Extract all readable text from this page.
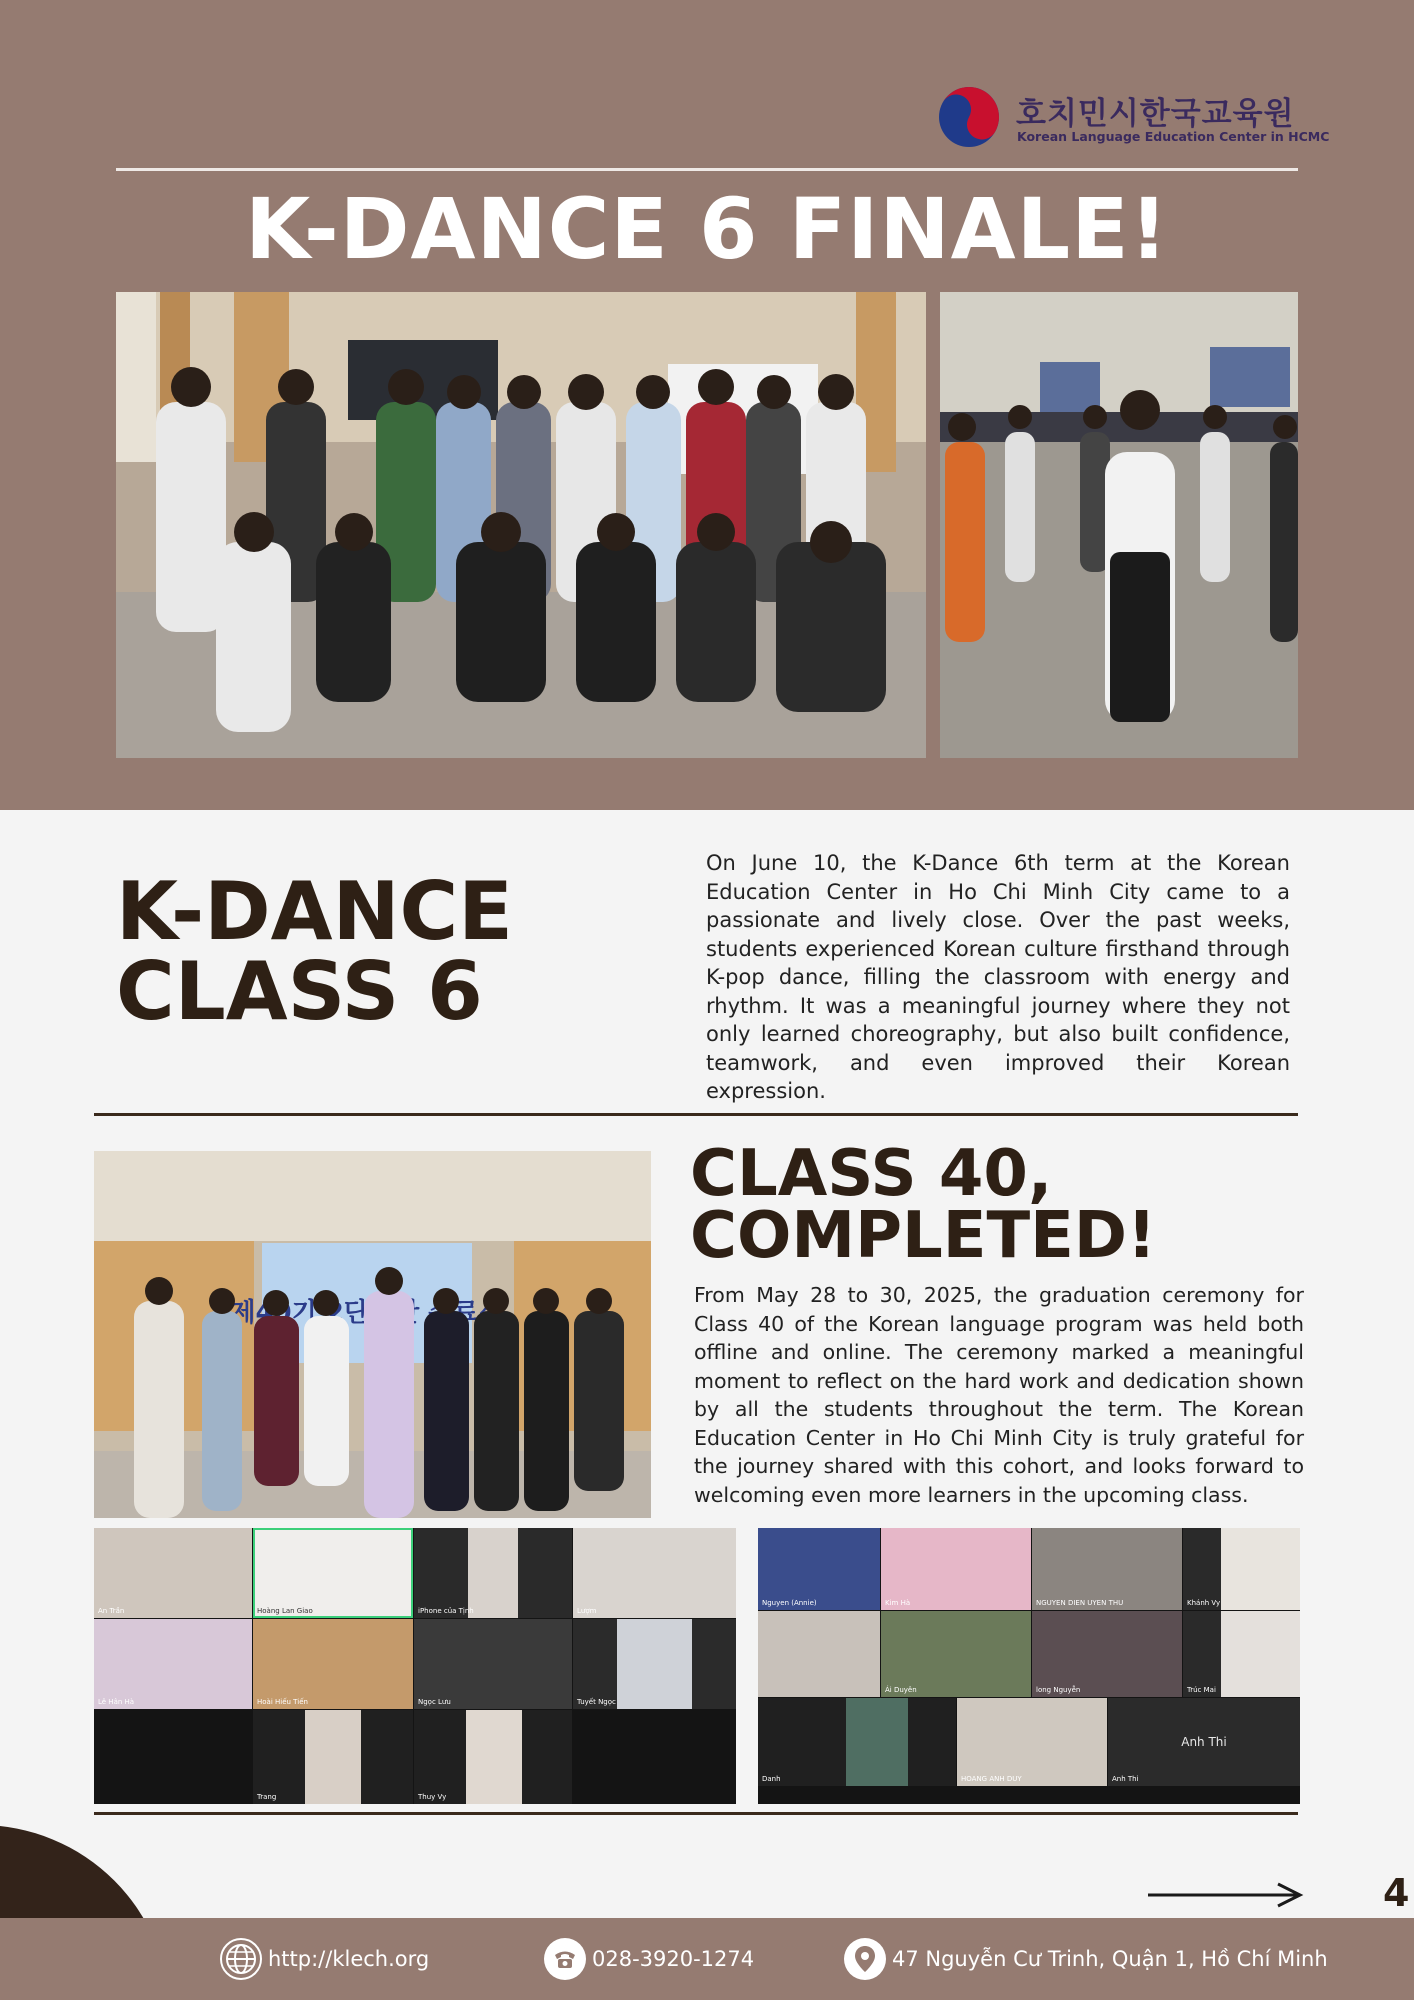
호치민시한국교육원
Korean Language Education Center in HCMC
K-DANCE 6 FINALE!
K-DANCE
CLASS 6
On June 10, the K-Dance 6th term at the Korean Education Center in Ho Chi Minh City came to a passionate and lively close. Over the past weeks, students experienced Korean culture firsthand through K-pop dance, filling the classroom with energy and rhythm. It was a meaningful journey where they not only learned choreography, but also built confidence, teamwork, and even improved their Korean expression.
수료식
CLASS 40,
COMPLETED!
From May 28 to 30, 2025, the graduation ceremony for Class 40 of the Korean language program was held both offline and online. The ceremony marked a meaningful moment to reflect on the hard work and dedication shown by all the students throughout the term. The Korean Education Center in Ho Chi Minh City is truly grateful for the journey shared with this cohort, and looks forward to welcoming even more learners in the upcoming class.
An Trần	Hoàng Lan Giao	iPhone của Tịnh	Lượm
Lê Hân Hà	Hoài Hiếu Tiến	Ngọc Lưu	Tuyết Ngọc
Trang	Thuy Vy
Nguyen (Annie)	Kim Hà	NGUYEN DIEN UYEN THU	Khánh Vy
Ái Duyên	long Nguyễn	Trúc Mai
Danh	HOANG ANH DUY
Anh Thi
Anh Thi
4
http://klech.org	028-3920-1274	47 Nguyễn Cư Trinh, Quận 1, Hồ Chí Minh
